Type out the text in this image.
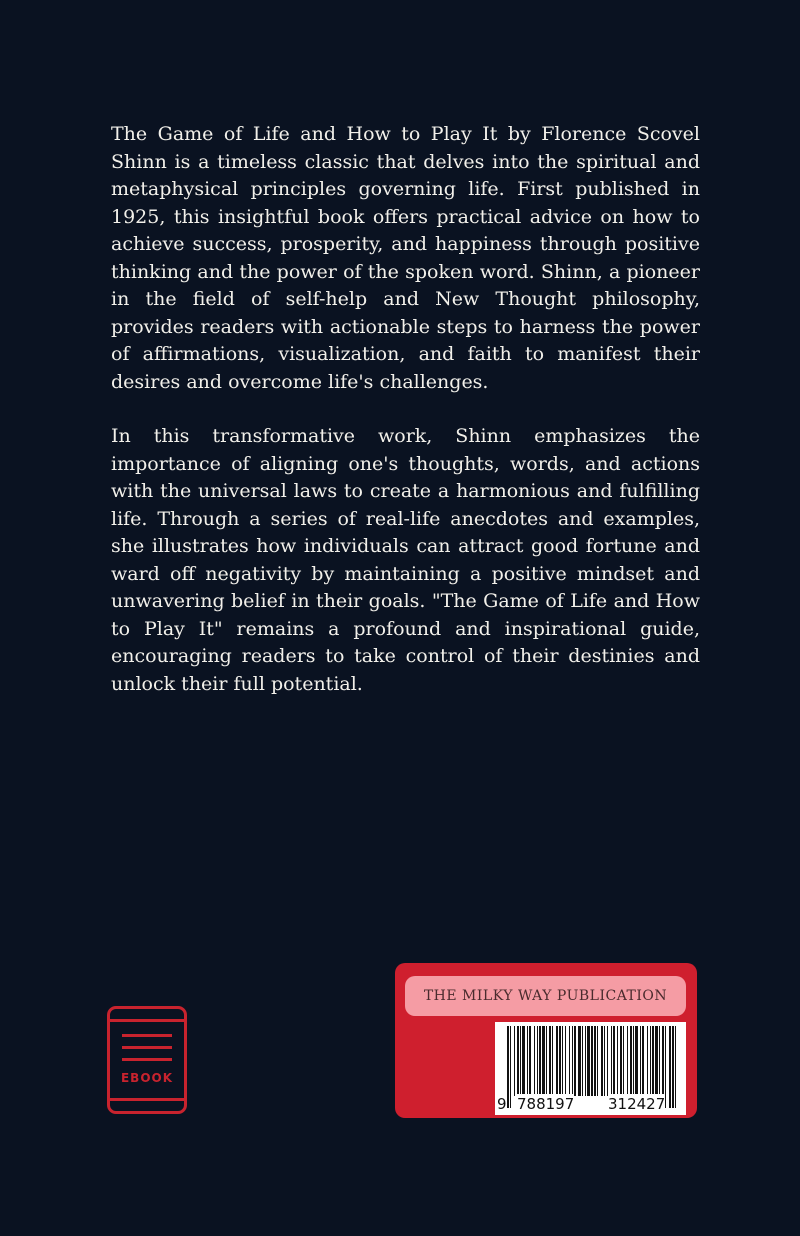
The Game of Life and How to Play It by Florence Scovel Shinn is a timeless classic that delves into the spiritual and metaphysical principles governing life. First published in 1925, this insightful book offers practical advice on how to achieve success, prosperity, and happiness through positive thinking and the power of the spoken word. Shinn, a pioneer in the field of self-help and New Thought philosophy, provides readers with actionable steps to harness the power of affirmations, visualization, and faith to manifest their desires and overcome life's challenges.

In this transformative work, Shinn emphasizes the importance of aligning one's thoughts, words, and actions with the universal laws to create a harmonious and fulfilling life. Through a series of real-life anecdotes and examples, she illustrates how individuals can attract good fortune and ward off negativity by maintaining a positive mindset and unwavering belief in their goals. "The Game of Life and How to Play It" remains a profound and inspirational guide, encouraging readers to take control of their destinies and unlock their full potential.

EBOOK
THE MILKY WAY PUBLICATION
9 788197 312427
